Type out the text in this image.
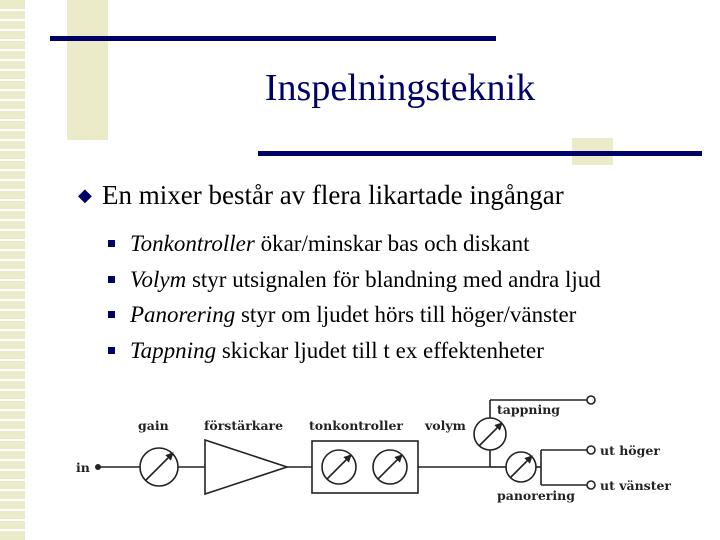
Inspelningsteknik
◆ En mixer består av flera likartade ingångar
Tonkontroller ökar/minskar bas och diskant
Volym styr utsignalen för blandning med andra ljud
Panorering styr om ljudet hörs till höger/vänster
Tappning skickar ljudet till t ex effektenheter
in
gain	förstärkare tonkontroller volym
tappning
panorering
ut höger
ut vänster
